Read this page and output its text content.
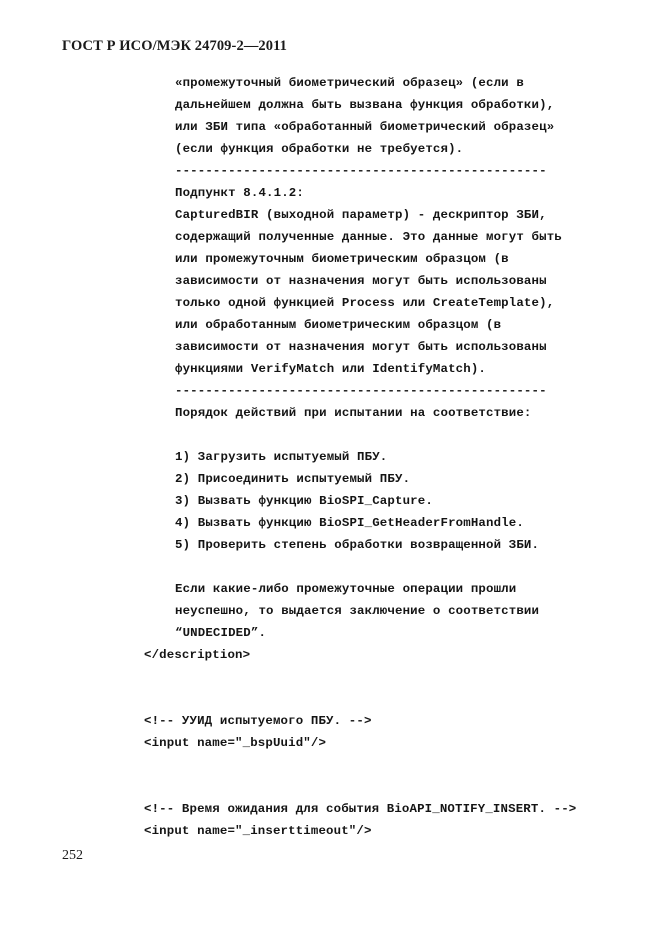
ГОСТ Р ИСО/МЭК 24709-2—2011
«промежуточный биометрический образец» (если в
дальнейшем должна быть вызвана функция обработки),
или ЗБИ типа «обработанный биометрический образец»
(если функция обработки не требуется).
-------------------------------------------------
Подпункт 8.4.1.2:
CapturedBIR (выходной параметр) - дескриптор ЗБИ,
содержащий полученные данные. Это данные могут быть
или промежуточным биометрическим образцом (в
зависимости от назначения могут быть использованы
только одной функцией Process или CreateTemplate),
или обработанным биометрическим образцом (в
зависимости от назначения могут быть использованы
функциями VerifyMatch или IdentifyMatch).
-------------------------------------------------
Порядок действий при испытании на соответствие:
1) Загрузить испытуемый ПБУ.
2) Присоединить испытуемый ПБУ.
3) Вызвать функцию BioSPI_Capture.
4) Вызвать функцию BioSPI_GetHeaderFromHandle.
5) Проверить степень обработки возвращенной ЗБИ.
Если какие-либо промежуточные операции прошли
неуспешно, то выдается заключение о соответствии
“UNDECIDED”.
</description>
<!-- УУИД испытуемого ПБУ. -->
<input name="_bspUuid"/>
<!-- Время ожидания для события BioAPI_NOTIFY_INSERT. -->
<input name="_inserttimeout"/>
252
